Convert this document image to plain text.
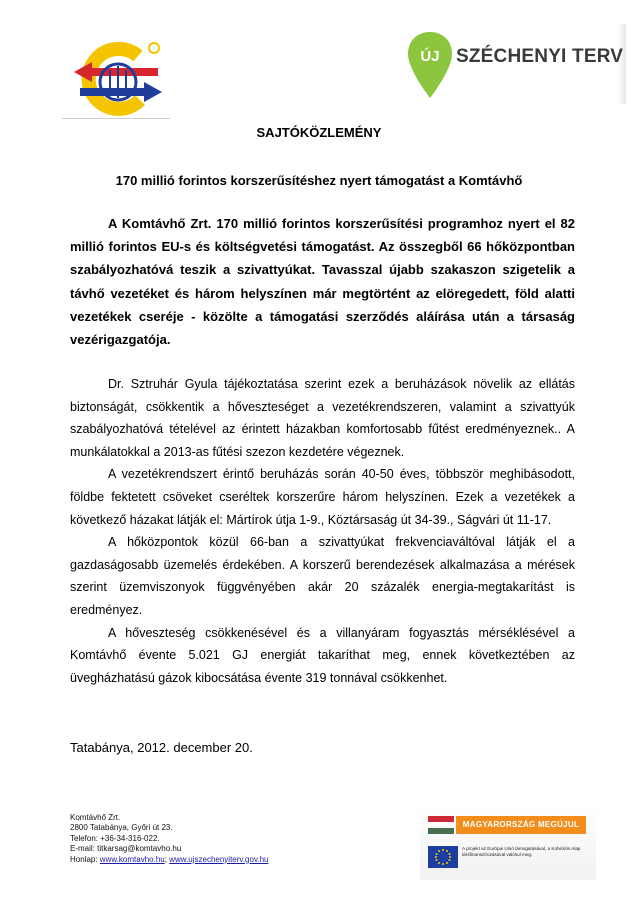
ÚJ SZÉCHENYI TERV
SAJTÓKÖZLEMÉNY
170 millió forintos korszerűsítéshez nyert támogatást a Komtávhő

A Komtávhő Zrt. 170 millió forintos korszerűsítési programhoz nyert el 82 millió forintos EU-s és költségvetési támogatást. Az összegből 66 hőközpontban szabályozhatóvá teszik a szivattyúkat. Tavasszal újabb szakaszon szigetelik a távhő vezetéket és három helyszínen már megtörtént az elöregedett, föld alatti vezetékek cseréje - közölte a támogatási szerződés aláírása után a társaság vezérigazgatója.

Dr. Sztruhár Gyula tájékoztatása szerint ezek a beruházások növelik az ellátás biztonságát, csökkentik a hőveszteséget a vezetékrendszeren, valamint a szivattyúk szabályozhatóvá tételével az érintett házakban komfortosabb fűtést eredményeznek.. A munkálatokkal a 2013-as fűtési szezon kezdetére végeznek.
A vezetékrendszert érintő beruházás során 40-50 éves, többször meghibásodott, földbe fektetett csöveket cseréltek korszerűre három helyszínen. Ezek a vezetékek a következő házakat látják el: Mártírok útja 1-9., Köztársaság út 34-39., Ságvári út 11-17.
A hőközpontok közül 66-ban a szivattyúkat frekvenciaváltóval látják el a gazdaságosabb üzemelés érdekében. A korszerű berendezések alkalmazása a mérések szerint üzemviszonyok függvényében akár 20 százalék energia-megtakarítást is eredményez.
A hőveszteség csökkenésével és a villanyáram fogyasztás mérséklésével a Komtávhő évente 5.021 GJ energiát takaríthat meg, ennek következtében az üvegházhatású gázok kibocsátása évente 319 tonnával csökkenhet.
Tatabánya, 2012. december 20.
Komtávhő Zrt.
2800 Tatabánya, Győri út 23.
Telefon: +36-34-316-022.
E-mail: titkarsag@komtavho.hu
Honlap: www.komtavho.hu; www.ujszechenyiterv.gov.hu
MAGYARORSZÁG MEGÚJUL
A projekt az Európai Unió támogatásával, a Kohéziós Alap társfinanszírozásával valósul meg.
